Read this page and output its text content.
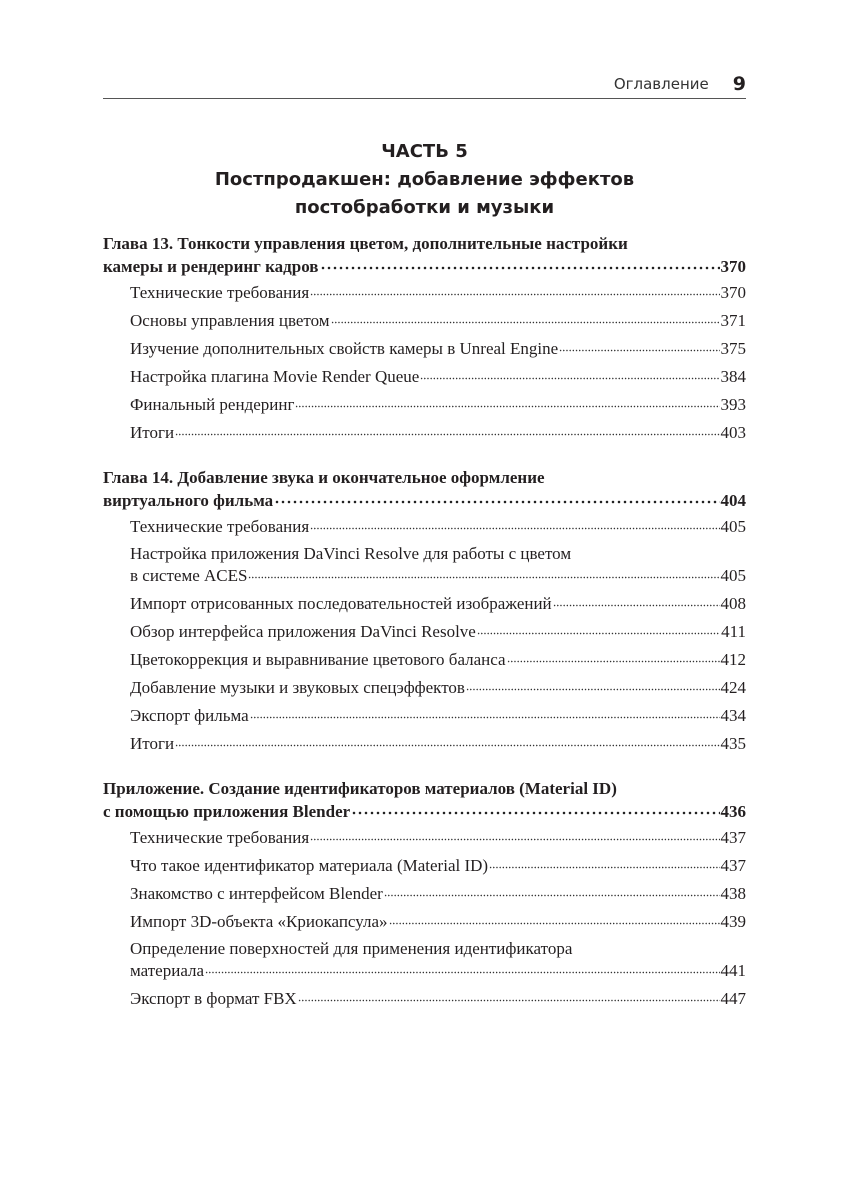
Оглавление 9
ЧАСТЬ 5
Постпродакшен: добавление эффектов
постобработки и музыки
Глава 13. Тонкости управления цветом, дополнительные настройки
камеры и рендеринг кадров	370
Технические требования	370
Основы управления цветом	371
Изучение дополнительных свойств камеры в Unreal Engine	375
Настройка плагина Movie Render Queue	384
Финальный рендеринг	393
Итоги	403
Глава 14. Добавление звука и окончательное оформление
виртуального фильма	404
Технические требования	405
Настройка приложения DaVinci Resolve для работы с цветом
в системе ACES	405
Импорт отрисованных последовательностей изображений	408
Обзор интерфейса приложения DaVinci Resolve	411
Цветокоррекция и выравнивание цветового баланса	412
Добавление музыки и звуковых спецэффектов	424
Экспорт фильма	434
Итоги	435
Приложение. Создание идентификаторов материалов (Material ID)
с помощью приложения Blender	436
Технические требования	437
Что такое идентификатор материала (Material ID)	437
Знакомство с интерфейсом Blender	438
Импорт 3D-объекта «Криокапсула»	439
Определение поверхностей для применения идентификатора
материала	441
Экспорт в формат FBX	447
